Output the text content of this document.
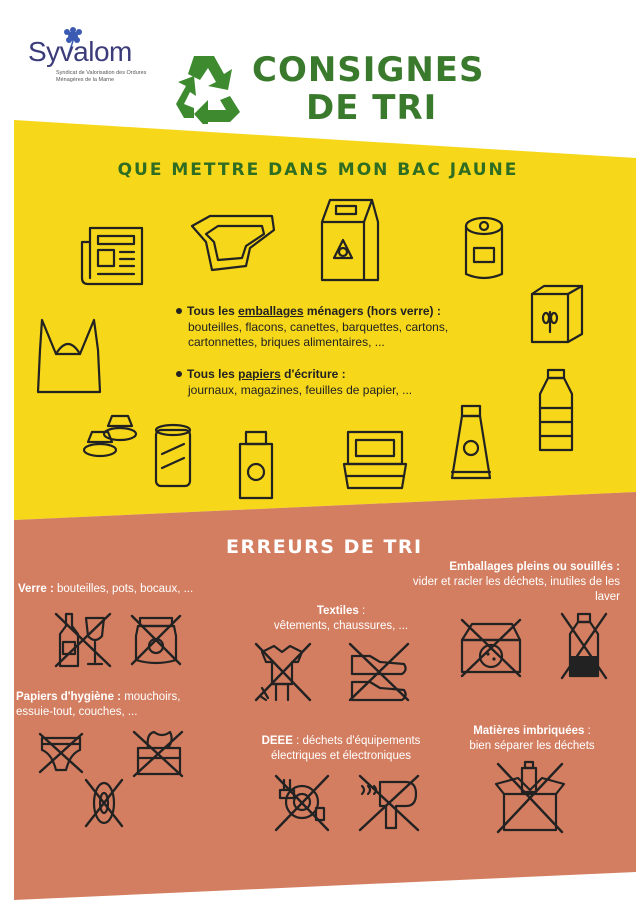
Syvalom
Syndicat de Valorisation des Ordures Ménagères de la Marne	CONSIGNES
DE TRI
QUE METTRE DANS MON BAC JAUNE
Tous les emballages ménagers (hors verre) :
bouteilles, flacons, canettes, barquettes, cartons, cartonnettes, briques alimentaires, ...
Tous les papiers d'écriture :
journaux, magazines, feuilles de papier, ...
ERREURS DE TRI
Verre : bouteilles, pots, bocaux, ...
Textiles :
vêtements, chaussures, ...
Emballages pleins ou souillés :
vider et racler les déchets, inutiles de les laver
Papiers d'hygiène : mouchoirs, essuie-tout, couches, ...
DEEE : déchets d'équipements électriques et électroniques
Matières imbriquées :
bien séparer les déchets
